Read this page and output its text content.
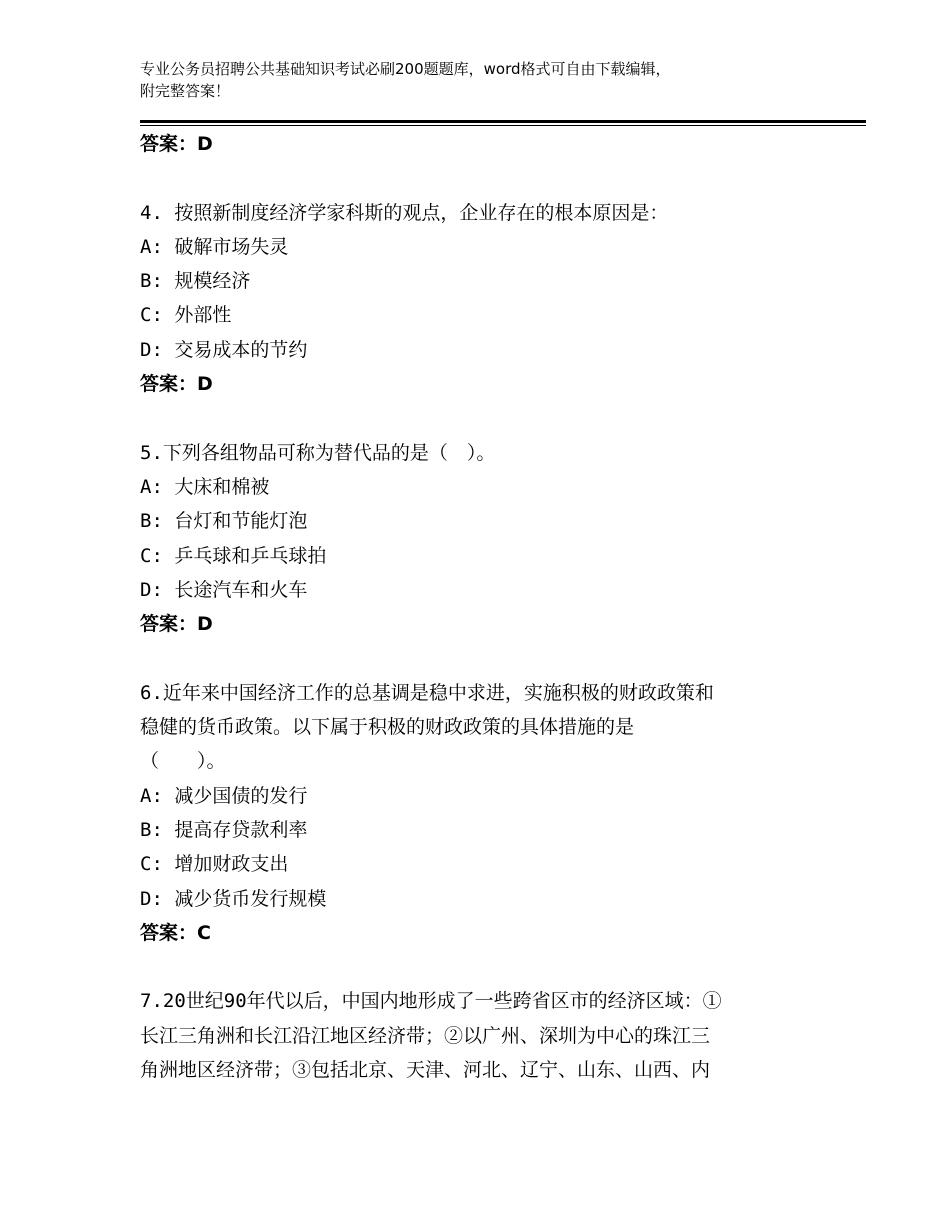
专业公务员招聘公共基础知识考试必刷200题题库，word格式可自由下载编辑，
附完整答案！
答案：D
4. 按照新制度经济学家科斯的观点，企业存在的根本原因是：
A: 破解市场失灵
B: 规模经济
C: 外部性
D: 交易成本的节约
答案：D
5.下列各组物品可称为替代品的是（　）。
A: 大床和棉被
B: 台灯和节能灯泡
C: 乒乓球和乒乓球拍
D: 长途汽车和火车
答案：D
6.近年来中国经济工作的总基调是稳中求进，实施积极的财政政策和
稳健的货币政策。以下属于积极的财政政策的具体措施的是
（　　）。
A: 减少国债的发行
B: 提高存贷款利率
C: 增加财政支出
D: 减少货币发行规模
答案：C
7.20世纪90年代以后，中国内地形成了一些跨省区市的经济区域：①
长江三角洲和长江沿江地区经济带；②以广州、深圳为中心的珠江三
角洲地区经济带；③包括北京、天津、河北、辽宁、山东、山西、内
